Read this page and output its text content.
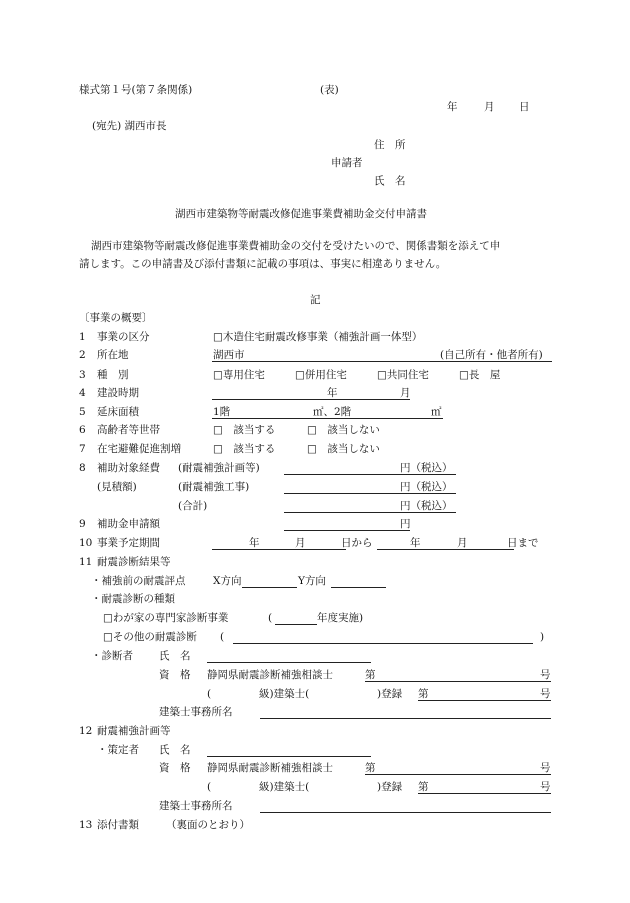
様式第１号(第７条関係)	(表)
年	月 日
(宛先) 湖西市長
住　所
申請者
氏　名
湖西市建築物等耐震改修促進事業費補助金交付申請書
湖西市建築物等耐震改修促進事業費補助金の交付を受けたいので、関係書類を添えて申
請します。この申請書及び添付書類に記載の事項は、事実に相違ありません。
記
〔事業の概要〕
1 事業の区分	□木造住宅耐震改修事業（補強計画一体型）
2 所在地	湖西市	(自己所有・他者所有)
3 種　別	□専用住宅	□併用住宅	□共同住宅	□長　屋
4 建設時期	年	月
5 延床面積	1階	㎡、2階	㎡
6 高齢者等世帯	□　該当する	□　該当しない
7 在宅避難促進割増	□　該当する	□　該当しない
8 補助対象経費 (耐震補強計画等)	円（税込）
(見積額)	(耐震補強工事)	円（税込）
(合計)	円（税込）
9 補助金申請額	円
10 事業予定期間	年	月	日から	年	月	日まで
11 耐震診断結果等
・補強前の耐震評点	X方向	Y方向
・耐震診断の種類
□わが家の専門家診断事業	(	年度実施)
□その他の耐震診断 (	)
・診断者 氏　名
資　格 静岡県耐震診断補強相談士	第	号
(	級)建築士(	)登録 第	号
建築士事務所名
12 耐震補強計画等
・策定者 氏　名
資　格 静岡県耐震診断補強相談士	第	号
(	級)建築士(	)登録 第	号
建築士事務所名
13 添付書類	（裏面のとおり）
